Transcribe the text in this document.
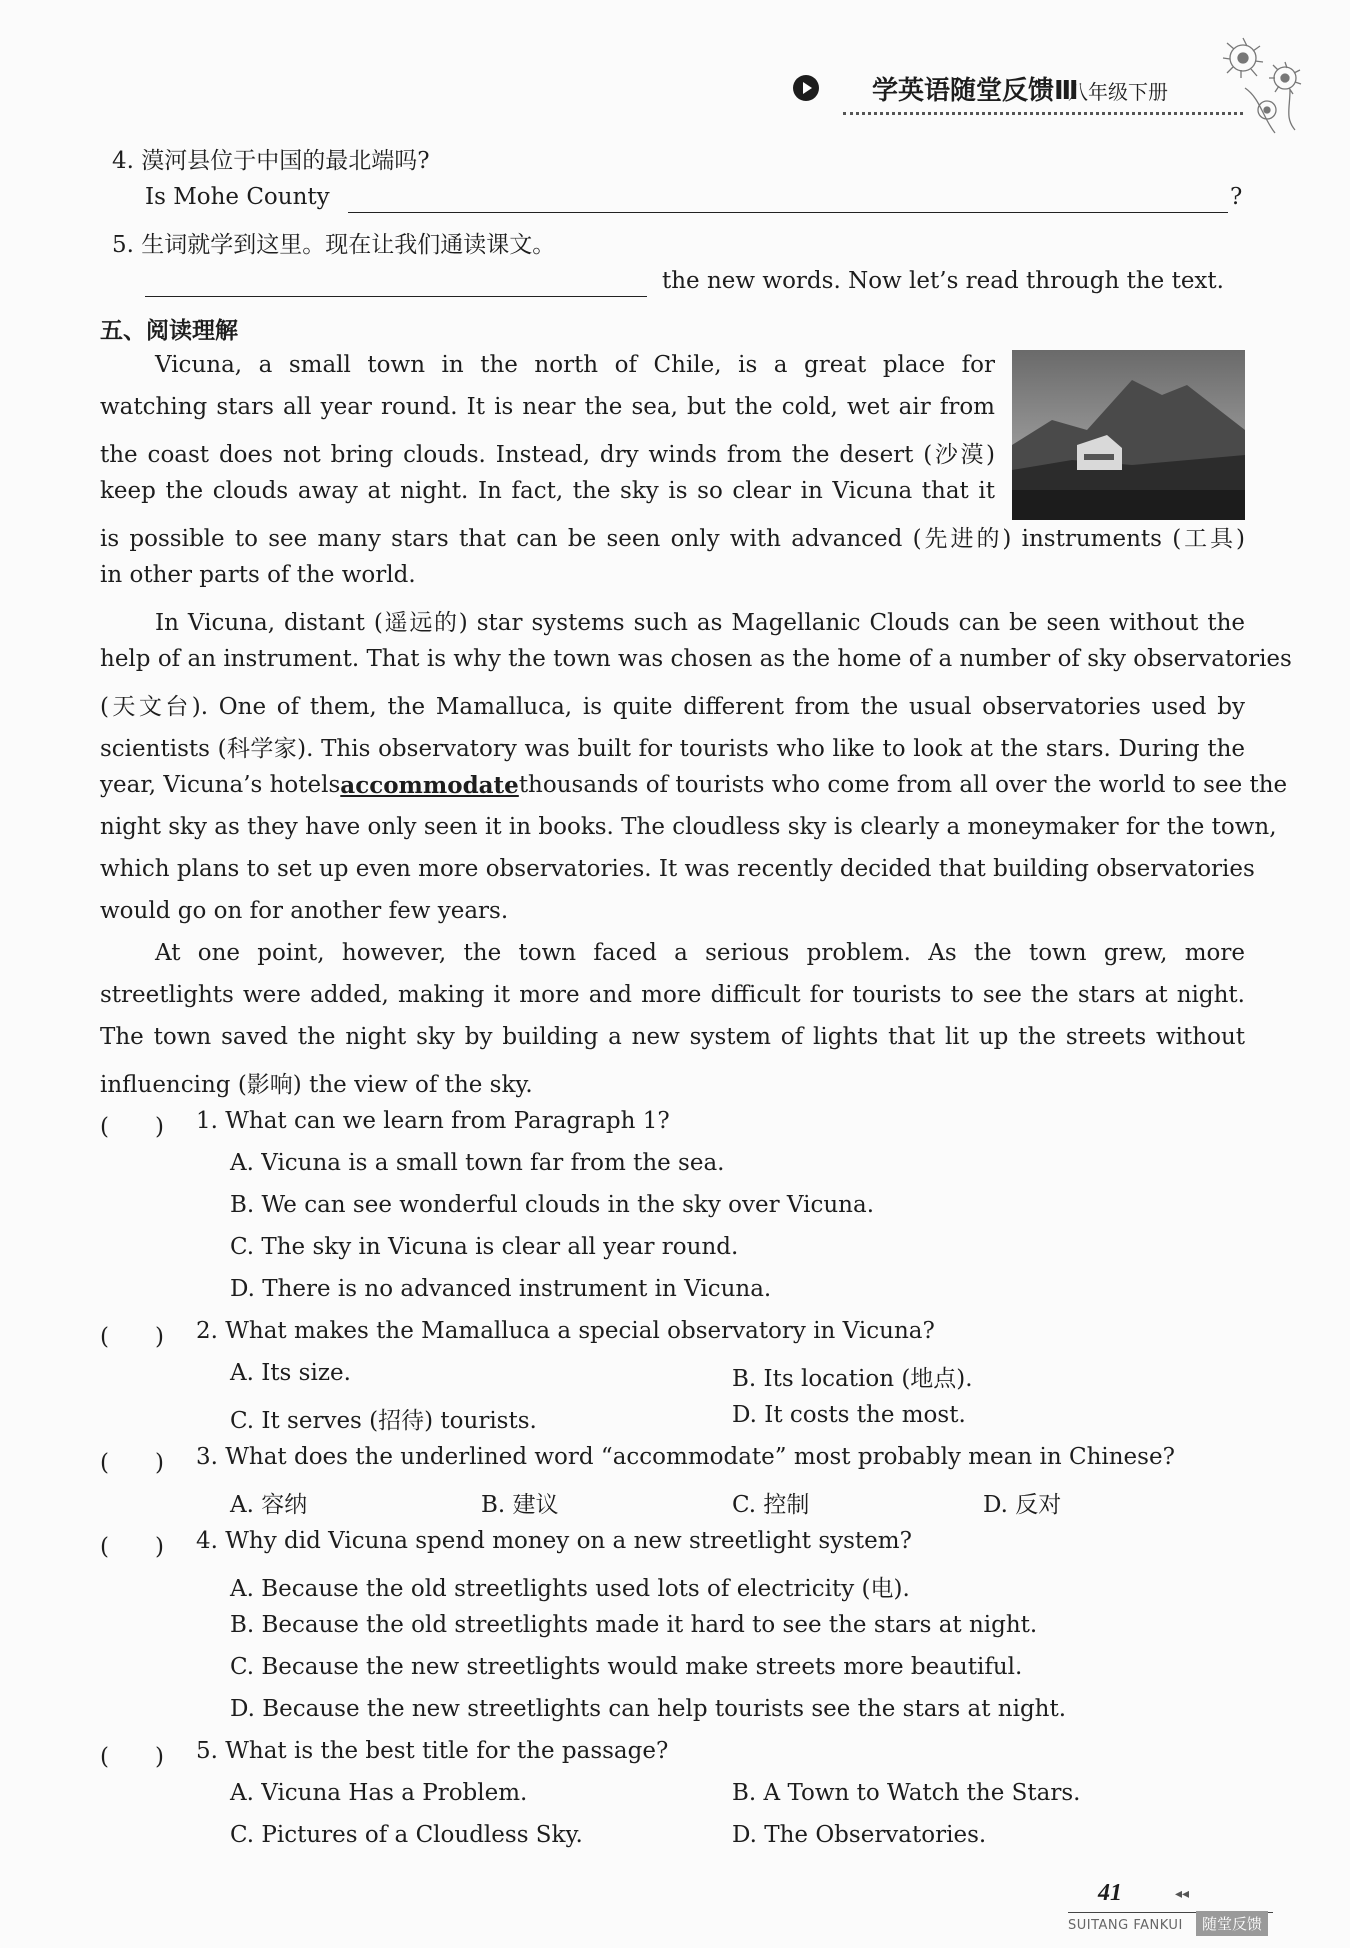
学英语随堂反馈Ⅲ
八年级下册
4. 漠河县位于中国的最北端吗?
Is Mohe County	?
5. 生词就学到这里。现在让我们通读课文。
the new words. Now let’s read through the text.
五、阅读理解
Vicuna, a small town in the north of Chile, is a great place for
watching stars all year round. It is near the sea, but the cold, wet air from
the coast does not bring clouds. Instead, dry winds from the desert (沙漠)
keep the clouds away at night. In fact, the sky is so clear in Vicuna that it
is possible to see many stars that can be seen only with advanced (先进的) instruments (工具)
in other parts of the world.
In Vicuna, distant (遥远的) star systems such as Magellanic Clouds can be seen without the
help of an instrument. That is why the town was chosen as the home of a number of sky observatories
(天文台). One of them, the Mamalluca, is quite different from the usual observatories used by
scientists (科学家). This observatory was built for tourists who like to look at the stars. During the
year, Vicuna’s hotels accommodate thousands of tourists who come from all over the world to see the
night sky as they have only seen it in books. The cloudless sky is clearly a moneymaker for the town,
which plans to set up even more observatories. It was recently decided that building observatories
would go on for another few years.
At one point, however, the town faced a serious problem. As the town grew, more
streetlights were added, making it more and more difficult for tourists to see the stars at night.
The town saved the night sky by building a new system of lights that lit up the streets without
influencing (影响) the view of the sky.
(　　) 1. What can we learn from Paragraph 1?
A. Vicuna is a small town far from the sea.
B. We can see wonderful clouds in the sky over Vicuna.
C. The sky in Vicuna is clear all year round.
D. There is no advanced instrument in Vicuna.
(　　) 2. What makes the Mamalluca a special observatory in Vicuna?
A. Its size.	B. Its location (地点).
C. It serves (招待) tourists.	D. It costs the most.
(　　) 3. What does the underlined word “accommodate” most probably mean in Chinese?
A. 容纳	B. 建议	C. 控制	D. 反对
(　　) 4. Why did Vicuna spend money on a new streetlight system?
A. Because the old streetlights used lots of electricity (电).
B. Because the old streetlights made it hard to see the stars at night.
C. Because the new streetlights would make streets more beautiful.
D. Because the new streetlights can help tourists see the stars at night.
(　　) 5. What is the best title for the passage?
A. Vicuna Has a Problem.	B. A Town to Watch the Stars.
C. Pictures of a Cloudless Sky.	D. The Observatories.
41	◂◂
SUITANG FANKUI	随堂反馈
